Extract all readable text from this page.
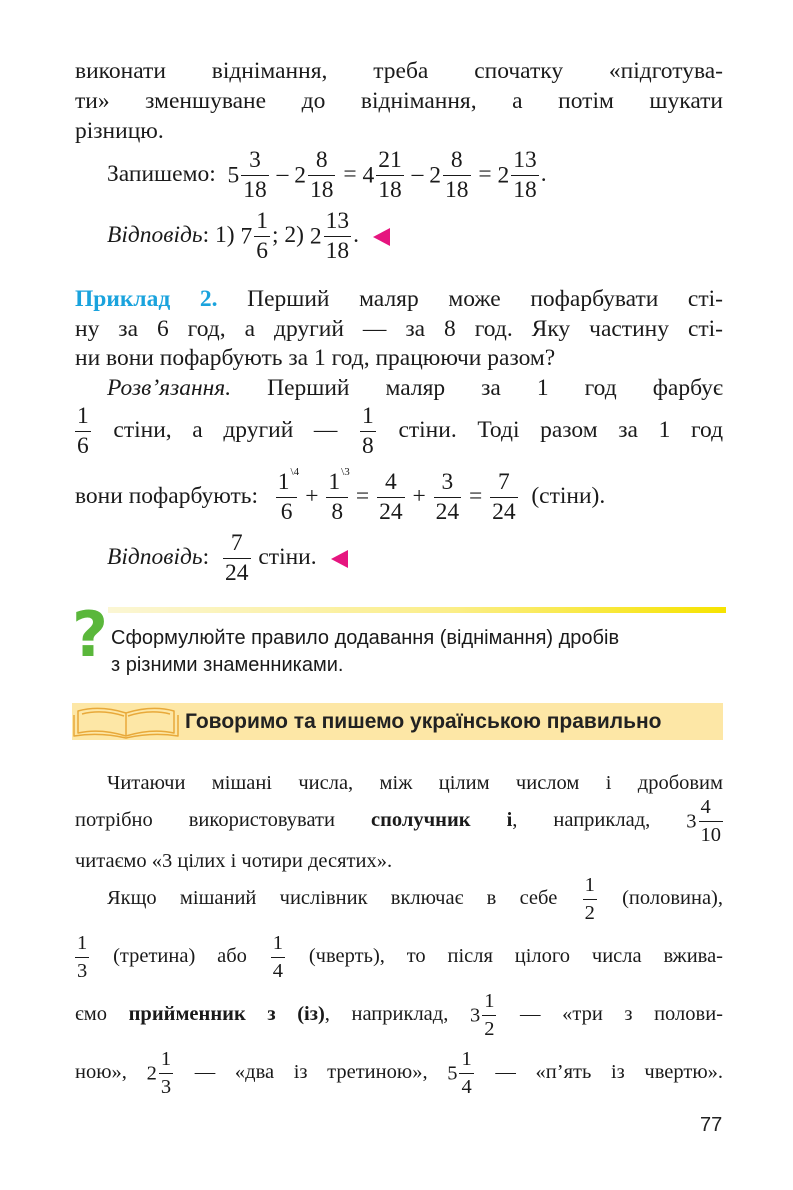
виконати віднімання, треба спочатку «підготува-
ти» зменшуване до віднімання, а потім шукати
різницю.
Запишемо: $5 \frac{3}{18} - 2 \frac{8}{18} = 4 \frac{21}{18} - 2 \frac{8}{18} = 2 \frac{13}{18}$ .
Відповідь: 1) $7 \frac{1}{6}$ ; 2) $2 \frac{13}{18}$ .
Приклад 2. Перший маляр може пофарбувати сті-
ну за 6 год, а другий — за 8 год. Яку частину сті-
ни вони пофарбують за 1 год, працюючи разом?
Розв’язання. Перший маляр за 1 год фарбує
$\frac{1}{6}$ стіни, а другий — $\frac{1}{8}$ стіни. Тоді разом за 1 год
вони пофарбують: $\frac{1 \backslash 4}{6} + \frac{1 \backslash 3}{8} = \frac{4}{24} + \frac{3}{24} = \frac{7}{24}$ (стіни).
Відповідь: $\frac{7}{24}$ стіни.
? Сформулюйте правило додавання (віднімання) дробів
з різними знаменниками.
Говоримо та пишемо українською правильно
Читаючи мішані числа, між цілим числом і дробовим
потрібно використовувати сполучник і, наприклад, $3 \frac{4}{10}$
читаємо «3 цілих і чотири десятих».
Якщо мішаний числівник включає в себе $\frac{1}{2}$ (половина),
$\frac{1}{3}$ (третина) або $\frac{1}{4}$ (чверть), то після цілого числа вжива-
ємо прийменник з (із), наприклад, $3 \frac{1}{2}$ — «три з полови-
ною», $2 \frac{1}{3}$ — «два із третиною», $5 \frac{1}{4}$ — «п’ять із чвертю».
77
